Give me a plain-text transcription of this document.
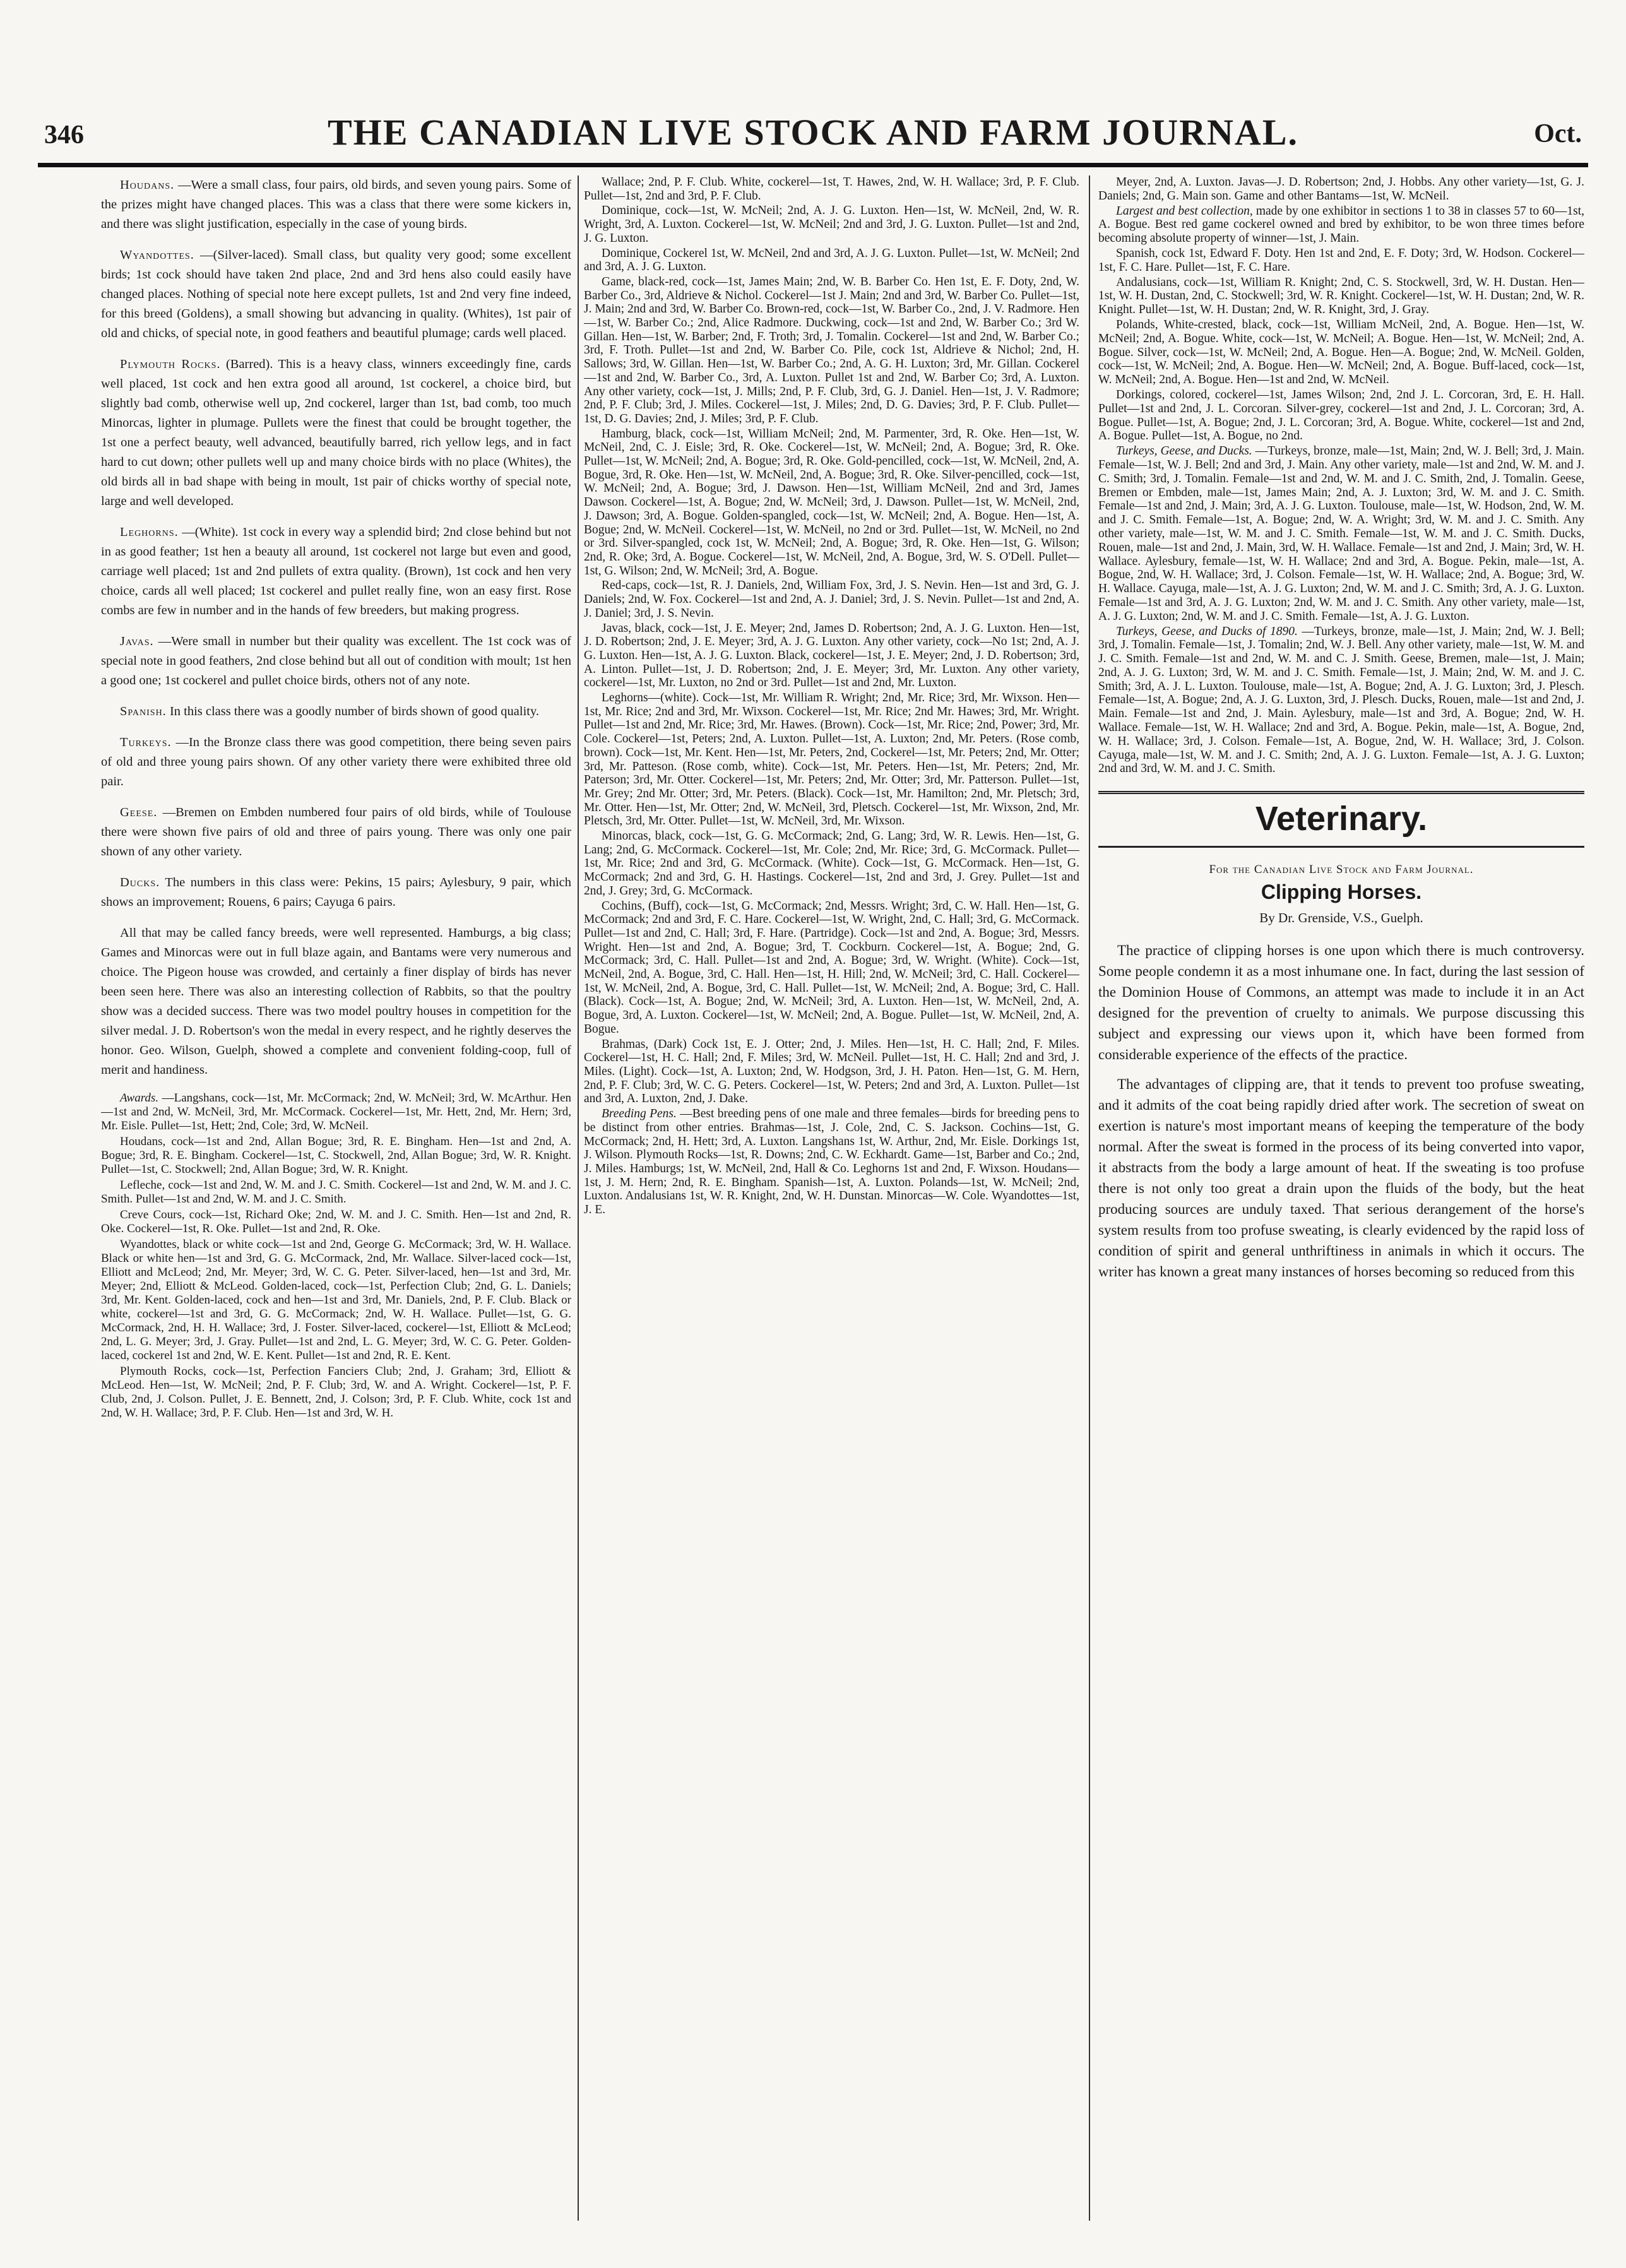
346	THE CANADIAN LIVE STOCK AND FARM JOURNAL.	Oct.

Houdans. —Were a small class, four pairs, old birds, and seven young pairs. Some of the prizes might have changed places. This was a class that there were some kickers in, and there was slight justification, especially in the case of young birds.

Wyandottes. —(Silver-laced). Small class, but quality very good; some excellent birds; 1st cock should have taken 2nd place, 2nd and 3rd hens also could easily have changed places. Nothing of special note here except pullets, 1st and 2nd very fine indeed, for this breed (Goldens), a small showing but advancing in quality. (Whites), 1st pair of old and chicks, of special note, in good feathers and beautiful plumage; cards well placed.

Plymouth Rocks. (Barred). This is a heavy class, winners exceedingly fine, cards well placed, 1st cock and hen extra good all around, 1st cockerel, a choice bird, but slightly bad comb, otherwise well up, 2nd cockerel, larger than 1st, bad comb, too much Minorcas, lighter in plumage. Pullets were the finest that could be brought together, the 1st one a perfect beauty, well advanced, beautifully barred, rich yellow legs, and in fact hard to cut down; other pullets well up and many choice birds with no place (Whites), the old birds all in bad shape with being in moult, 1st pair of chicks worthy of special note, large and well developed.

Leghorns. —(White). 1st cock in every way a splendid bird; 2nd close behind but not in as good feather; 1st hen a beauty all around, 1st cockerel not large but even and good, carriage well placed; 1st and 2nd pullets of extra quality. (Brown), 1st cock and hen very choice, cards all well placed; 1st cockerel and pullet really fine, won an easy first. Rose combs are few in number and in the hands of few breeders, but making progress.

Javas. —Were small in number but their quality was excellent. The 1st cock was of special note in good feathers, 2nd close behind but all out of condition with moult; 1st hen a good one; 1st cockerel and pullet choice birds, others not of any note.

Spanish. In this class there was a goodly number of birds shown of good quality.

Turkeys. —In the Bronze class there was good competition, there being seven pairs of old and three young pairs shown. Of any other variety there were exhibited three old pair.

Geese. —Bremen on Embden numbered four pairs of old birds, while of Toulouse there were shown five pairs of old and three of pairs young. There was only one pair shown of any other variety.

Ducks. The numbers in this class were: Pekins, 15 pairs; Aylesbury, 9 pair, which shows an improvement; Rouens, 6 pairs; Cayuga 6 pairs.

All that may be called fancy breeds, were well represented. Hamburgs, a big class; Games and Minorcas were out in full blaze again, and Bantams were very numerous and choice. The Pigeon house was crowded, and certainly a finer display of birds has never been seen here. There was also an interesting collection of Rabbits, so that the poultry show was a decided success. There was two model poultry houses in competition for the silver medal. J. D. Robertson's won the medal in every respect, and he rightly deserves the honor. Geo. Wilson, Guelph, showed a complete and convenient folding-coop, full of merit and handiness.

Awards. —Langshans, cock—1st, Mr. McCormack; 2nd, W. McNeil; 3rd, W. McArthur. Hen—1st and 2nd, W. McNeil, 3rd, Mr. McCormack. Cockerel—1st, Mr. Hett, 2nd, Mr. Hern; 3rd, Mr. Eisle. Pullet—1st, Hett; 2nd, Cole; 3rd, W. McNeil.

Houdans, cock—1st and 2nd, Allan Bogue; 3rd, R. E. Bingham. Hen—1st and 2nd, A. Bogue; 3rd, R. E. Bingham. Cockerel—1st, C. Stockwell, 2nd, Allan Bogue; 3rd, W. R. Knight. Pullet—1st, C. Stockwell; 2nd, Allan Bogue; 3rd, W. R. Knight.

Lefleche, cock—1st and 2nd, W. M. and J. C. Smith. Cockerel—1st and 2nd, W. M. and J. C. Smith. Pullet—1st and 2nd, W. M. and J. C. Smith.

Creve Cours, cock—1st, Richard Oke; 2nd, W. M. and J. C. Smith. Hen—1st and 2nd, R. Oke. Cockerel—1st, R. Oke. Pullet—1st and 2nd, R. Oke.

Wyandottes, black or white cock—1st and 2nd, George G. McCormack; 3rd, W. H. Wallace. Black or white hen—1st and 3rd, G. G. McCormack, 2nd, Mr. Wallace. Silver-laced cock—1st, Elliott and McLeod; 2nd, Mr. Meyer; 3rd, W. C. G. Peter. Silver-laced, hen—1st and 3rd, Mr. Meyer; 2nd, Elliott & McLeod. Golden-laced, cock—1st, Perfection Club; 2nd, G. L. Daniels; 3rd, Mr. Kent. Golden-laced, cock and hen—1st and 3rd, Mr. Daniels, 2nd, P. F. Club. Black or white, cockerel—1st and 3rd, G. G. McCormack; 2nd, W. H. Wallace. Pullet—1st, G. G. McCormack, 2nd, H. H. Wallace; 3rd, J. Foster. Silver-laced, cockerel—1st, Elliott & McLeod; 2nd, L. G. Meyer; 3rd, J. Gray. Pullet—1st and 2nd, L. G. Meyer; 3rd, W. C. G. Peter. Golden-laced, cockerel 1st and 2nd, W. E. Kent. Pullet—1st and 2nd, R. E. Kent.

Plymouth Rocks, cock—1st, Perfection Fanciers Club; 2nd, J. Graham; 3rd, Elliott & McLeod. Hen—1st, W. McNeil; 2nd, P. F. Club; 3rd, W. and A. Wright. Cockerel—1st, P. F. Club, 2nd, J. Colson. Pullet, J. E. Bennett, 2nd, J. Colson; 3rd, P. F. Club. White, cock 1st and 2nd, W. H. Wallace; 3rd, P. F. Club. Hen—1st and 3rd, W. H.

Wallace; 2nd, P. F. Club. White, cockerel—1st, T. Hawes, 2nd, W. H. Wallace; 3rd, P. F. Club. Pullet—1st, 2nd and 3rd, P. F. Club.

Dominique, cock—1st, W. McNeil; 2nd, A. J. G. Luxton. Hen—1st, W. McNeil, 2nd, W. R. Wright, 3rd, A. Luxton. Cockerel—1st, W. McNeil; 2nd and 3rd, J. G. Luxton. Pullet—1st and 2nd, J. G. Luxton.

Dominique, Cockerel 1st, W. McNeil, 2nd and 3rd, A. J. G. Luxton. Pullet—1st, W. McNeil; 2nd and 3rd, A. J. G. Luxton.

Game, black-red, cock—1st, James Main; 2nd, W. B. Barber Co. Hen 1st, E. F. Doty, 2nd, W. Barber Co., 3rd, Aldrieve & Nichol. Cockerel—1st J. Main; 2nd and 3rd, W. Barber Co. Pullet—1st, J. Main; 2nd and 3rd, W. Barber Co. Brown-red, cock—1st, W. Barber Co., 2nd, J. V. Radmore. Hen—1st, W. Barber Co.; 2nd, Alice Radmore. Duckwing, cock—1st and 2nd, W. Barber Co.; 3rd W. Gillan. Hen—1st, W. Barber; 2nd, F. Troth; 3rd, J. Tomalin. Cockerel—1st and 2nd, W. Barber Co.; 3rd, F. Troth. Pullet—1st and 2nd, W. Barber Co. Pile, cock 1st, Aldrieve & Nichol; 2nd, H. Sallows; 3rd, W. Gillan. Hen—1st, W. Barber Co.; 2nd, A. G. H. Luxton; 3rd, Mr. Gillan. Cockerel—1st and 2nd, W. Barber Co., 3rd, A. Luxton. Pullet 1st and 2nd, W. Barber Co; 3rd, A. Luxton. Any other variety, cock—1st, J. Mills; 2nd, P. F. Club, 3rd, G. J. Daniel. Hen—1st, J. V. Radmore; 2nd, P. F. Club; 3rd, J. Miles. Cockerel—1st, J. Miles; 2nd, D. G. Davies; 3rd, P. F. Club. Pullet—1st, D. G. Davies; 2nd, J. Miles; 3rd, P. F. Club.

Hamburg, black, cock—1st, William McNeil; 2nd, M. Parmenter, 3rd, R. Oke. Hen—1st, W. McNeil, 2nd, C. J. Eisle; 3rd, R. Oke. Cockerel—1st, W. McNeil; 2nd, A. Bogue; 3rd, R. Oke. Pullet—1st, W. McNeil; 2nd, A. Bogue; 3rd, R. Oke. Gold-pencilled, cock—1st, W. McNeil, 2nd, A. Bogue, 3rd, R. Oke. Hen—1st, W. McNeil, 2nd, A. Bogue; 3rd, R. Oke. Silver-pencilled, cock—1st, W. McNeil; 2nd, A. Bogue; 3rd, J. Dawson. Hen—1st, William McNeil, 2nd and 3rd, James Dawson. Cockerel—1st, A. Bogue; 2nd, W. McNeil; 3rd, J. Dawson. Pullet—1st, W. McNeil, 2nd, J. Dawson; 3rd, A. Bogue. Golden-spangled, cock—1st, W. McNeil; 2nd, A. Bogue. Hen—1st, A. Bogue; 2nd, W. McNeil. Cockerel—1st, W. McNeil, no 2nd or 3rd. Pullet—1st, W. McNeil, no 2nd or 3rd. Silver-spangled, cock 1st, W. McNeil; 2nd, A. Bogue; 3rd, R. Oke. Hen—1st, G. Wilson; 2nd, R. Oke; 3rd, A. Bogue. Cockerel—1st, W. McNeil, 2nd, A. Bogue, 3rd, W. S. O'Dell. Pullet—1st, G. Wilson; 2nd, W. McNeil; 3rd, A. Bogue.

Red-caps, cock—1st, R. J. Daniels, 2nd, William Fox, 3rd, J. S. Nevin. Hen—1st and 3rd, G. J. Daniels; 2nd, W. Fox. Cockerel—1st and 2nd, A. J. Daniel; 3rd, J. S. Nevin. Pullet—1st and 2nd, A. J. Daniel; 3rd, J. S. Nevin.

Javas, black, cock—1st, J. E. Meyer; 2nd, James D. Robertson; 2nd, A. J. G. Luxton. Hen—1st, J. D. Robertson; 2nd, J. E. Meyer; 3rd, A. J. G. Luxton. Any other variety, cock—No 1st; 2nd, A. J. G. Luxton. Hen—1st, A. J. G. Luxton. Black, cockerel—1st, J. E. Meyer; 2nd, J. D. Robertson; 3rd, A. Linton. Pullet—1st, J. D. Robertson; 2nd, J. E. Meyer; 3rd, Mr. Luxton. Any other variety, cockerel—1st, Mr. Luxton, no 2nd or 3rd. Pullet—1st and 2nd, Mr. Luxton.

Leghorns—(white). Cock—1st, Mr. William R. Wright; 2nd, Mr. Rice; 3rd, Mr. Wixson. Hen—1st, Mr. Rice; 2nd and 3rd, Mr. Wixson. Cockerel—1st, Mr. Rice; 2nd Mr. Hawes; 3rd, Mr. Wright. Pullet—1st and 2nd, Mr. Rice; 3rd, Mr. Hawes. (Brown). Cock—1st, Mr. Rice; 2nd, Power; 3rd, Mr. Cole. Cockerel—1st, Peters; 2nd, A. Luxton. Pullet—1st, A. Luxton; 2nd, Mr. Peters. (Rose comb, brown). Cock—1st, Mr. Kent. Hen—1st, Mr. Peters, 2nd, Cockerel—1st, Mr. Peters; 2nd, Mr. Otter; 3rd, Mr. Patteson. (Rose comb, white). Cock—1st, Mr. Peters. Hen—1st, Mr. Peters; 2nd, Mr. Paterson; 3rd, Mr. Otter. Cockerel—1st, Mr. Peters; 2nd, Mr. Otter; 3rd, Mr. Patterson. Pullet—1st, Mr. Grey; 2nd Mr. Otter; 3rd, Mr. Peters. (Black). Cock—1st, Mr. Hamilton; 2nd, Mr. Pletsch; 3rd, Mr. Otter. Hen—1st, Mr. Otter; 2nd, W. McNeil, 3rd, Pletsch. Cockerel—1st, Mr. Wixson, 2nd, Mr. Pletsch, 3rd, Mr. Otter. Pullet—1st, W. McNeil, 3rd, Mr. Wixson.

Minorcas, black, cock—1st, G. G. McCormack; 2nd, G. Lang; 3rd, W. R. Lewis. Hen—1st, G. Lang; 2nd, G. McCormack. Cockerel—1st, Mr. Cole; 2nd, Mr. Rice; 3rd, G. McCormack. Pullet—1st, Mr. Rice; 2nd and 3rd, G. McCormack. (White). Cock—1st, G. McCormack. Hen—1st, G. McCormack; 2nd and 3rd, G. H. Hastings. Cockerel—1st, 2nd and 3rd, J. Grey. Pullet—1st and 2nd, J. Grey; 3rd, G. McCormack.

Cochins, (Buff), cock—1st, G. McCormack; 2nd, Messrs. Wright; 3rd, C. W. Hall. Hen—1st, G. McCormack; 2nd and 3rd, F. C. Hare. Cockerel—1st, W. Wright, 2nd, C. Hall; 3rd, G. McCormack. Pullet—1st and 2nd, C. Hall; 3rd, F. Hare. (Partridge). Cock—1st and 2nd, A. Bogue; 3rd, Messrs. Wright. Hen—1st and 2nd, A. Bogue; 3rd, T. Cockburn. Cockerel—1st, A. Bogue; 2nd, G. McCormack; 3rd, C. Hall. Pullet—1st and 2nd, A. Bogue; 3rd, W. Wright. (White). Cock—1st, McNeil, 2nd, A. Bogue, 3rd, C. Hall. Hen—1st, H. Hill; 2nd, W. McNeil; 3rd, C. Hall. Cockerel—1st, W. McNeil, 2nd, A. Bogue, 3rd, C. Hall. Pullet—1st, W. McNeil; 2nd, A. Bogue; 3rd, C. Hall. (Black). Cock—1st, A. Bogue; 2nd, W. McNeil; 3rd, A. Luxton. Hen—1st, W. McNeil, 2nd, A. Bogue, 3rd, A. Luxton. Cockerel—1st, W. McNeil; 2nd, A. Bogue. Pullet—1st, W. McNeil, 2nd, A. Bogue.

Brahmas, (Dark) Cock 1st, E. J. Otter; 2nd, J. Miles. Hen—1st, H. C. Hall; 2nd, F. Miles. Cockerel—1st, H. C. Hall; 2nd, F. Miles; 3rd, W. McNeil. Pullet—1st, H. C. Hall; 2nd and 3rd, J. Miles. (Light). Cock—1st, A. Luxton; 2nd, W. Hodgson, 3rd, J. H. Paton. Hen—1st, G. M. Hern, 2nd, P. F. Club; 3rd, W. C. G. Peters. Cockerel—1st, W. Peters; 2nd and 3rd, A. Luxton. Pullet—1st and 3rd, A. Luxton, 2nd, J. Dake.

Breeding Pens. —Best breeding pens of one male and three females—birds for breeding pens to be distinct from other entries. Brahmas—1st, J. Cole, 2nd, C. S. Jackson. Cochins—1st, G. McCormack; 2nd, H. Hett; 3rd, A. Luxton. Langshans 1st, W. Arthur, 2nd, Mr. Eisle. Dorkings 1st, J. Wilson. Plymouth Rocks—1st, R. Downs; 2nd, C. W. Eckhardt. Game—1st, Barber and Co.; 2nd, J. Miles. Hamburgs; 1st, W. McNeil, 2nd, Hall & Co. Leghorns 1st and 2nd, F. Wixson. Houdans—1st, J. M. Hern; 2nd, R. E. Bingham. Spanish—1st, A. Luxton. Polands—1st, W. McNeil; 2nd, Luxton. Andalusians 1st, W. R. Knight, 2nd, W. H. Dunstan. Minorcas—W. Cole. Wyandottes—1st, J. E.

Meyer, 2nd, A. Luxton. Javas—J. D. Robertson; 2nd, J. Hobbs. Any other variety—1st, G. J. Daniels; 2nd, G. Main son. Game and other Bantams—1st, W. McNeil.

Largest and best collection, made by one exhibitor in sections 1 to 38 in classes 57 to 60—1st, A. Bogue. Best red game cockerel owned and bred by exhibitor, to be won three times before becoming absolute property of winner—1st, J. Main.

Spanish, cock 1st, Edward F. Doty. Hen 1st and 2nd, E. F. Doty; 3rd, W. Hodson. Cockerel—1st, F. C. Hare. Pullet—1st, F. C. Hare.

Andalusians, cock—1st, William R. Knight; 2nd, C. S. Stockwell, 3rd, W. H. Dustan. Hen—1st, W. H. Dustan, 2nd, C. Stockwell; 3rd, W. R. Knight. Cockerel—1st, W. H. Dustan; 2nd, W. R. Knight. Pullet—1st, W. H. Dustan; 2nd, W. R. Knight, 3rd, J. Gray.

Polands, White-crested, black, cock—1st, William McNeil, 2nd, A. Bogue. Hen—1st, W. McNeil; 2nd, A. Bogue. White, cock—1st, W. McNeil; A. Bogue. Hen—1st, W. McNeil; 2nd, A. Bogue. Silver, cock—1st, W. McNeil; 2nd, A. Bogue. Hen—A. Bogue; 2nd, W. McNeil. Golden, cock—1st, W. McNeil; 2nd, A. Bogue. Hen—W. McNeil; 2nd, A. Bogue. Buff-laced, cock—1st, W. McNeil; 2nd, A. Bogue. Hen—1st and 2nd, W. McNeil.

Dorkings, colored, cockerel—1st, James Wilson; 2nd, 2nd J. L. Corcoran, 3rd, E. H. Hall. Pullet—1st and 2nd, J. L. Corcoran. Silver-grey, cockerel—1st and 2nd, J. L. Corcoran; 3rd, A. Bogue. Pullet—1st, A. Bogue; 2nd, J. L. Corcoran; 3rd, A. Bogue. White, cockerel—1st and 2nd, A. Bogue. Pullet—1st, A. Bogue, no 2nd.

Turkeys, Geese, and Ducks. —Turkeys, bronze, male—1st, Main; 2nd, W. J. Bell; 3rd, J. Main. Female—1st, W. J. Bell; 2nd and 3rd, J. Main. Any other variety, male—1st and 2nd, W. M. and J. C. Smith; 3rd, J. Tomalin. Female—1st and 2nd, W. M. and J. C. Smith, 2nd, J. Tomalin. Geese, Bremen or Embden, male—1st, James Main; 2nd, A. J. Luxton; 3rd, W. M. and J. C. Smith. Female—1st and 2nd, J. Main; 3rd, A. J. G. Luxton. Toulouse, male—1st, W. Hodson, 2nd, W. M. and J. C. Smith. Female—1st, A. Bogue; 2nd, W. A. Wright; 3rd, W. M. and J. C. Smith. Any other variety, male—1st, W. M. and J. C. Smith. Female—1st, W. M. and J. C. Smith. Ducks, Rouen, male—1st and 2nd, J. Main, 3rd, W. H. Wallace. Female—1st and 2nd, J. Main; 3rd, W. H. Wallace. Aylesbury, female—1st, W. H. Wallace; 2nd and 3rd, A. Bogue. Pekin, male—1st, A. Bogue, 2nd, W. H. Wallace; 3rd, J. Colson. Female—1st, W. H. Wallace; 2nd, A. Bogue; 3rd, W. H. Wallace. Cayuga, male—1st, A. J. G. Luxton; 2nd, W. M. and J. C. Smith; 3rd, A. J. G. Luxton. Female—1st and 3rd, A. J. G. Luxton; 2nd, W. M. and J. C. Smith. Any other variety, male—1st, A. J. G. Luxton; 2nd, W. M. and J. C. Smith. Female—1st, A. J. G. Luxton.

Turkeys, Geese, and Ducks of 1890. —Turkeys, bronze, male—1st, J. Main; 2nd, W. J. Bell; 3rd, J. Tomalin. Female—1st, J. Tomalin; 2nd, W. J. Bell. Any other variety, male—1st, W. M. and J. C. Smith. Female—1st and 2nd, W. M. and C. J. Smith. Geese, Bremen, male—1st, J. Main; 2nd, A. J. G. Luxton; 3rd, W. M. and J. C. Smith. Female—1st, J. Main; 2nd, W. M. and J. C. Smith; 3rd, A. J. L. Luxton. Toulouse, male—1st, A. Bogue; 2nd, A. J. G. Luxton; 3rd, J. Plesch. Female—1st, A. Bogue; 2nd, A. J. G. Luxton, 3rd, J. Plesch. Ducks, Rouen, male—1st and 2nd, J. Main. Female—1st and 2nd, J. Main. Aylesbury, male—1st and 3rd, A. Bogue; 2nd, W. H. Wallace. Female—1st, W. H. Wallace; 2nd and 3rd, A. Bogue. Pekin, male—1st, A. Bogue, 2nd, W. H. Wallace; 3rd, J. Colson. Female—1st, A. Bogue, 2nd, W. H. Wallace; 3rd, J. Colson. Cayuga, male—1st, W. M. and J. C. Smith; 2nd, A. J. G. Luxton. Female—1st, A. J. G. Luxton; 2nd and 3rd, W. M. and J. C. Smith.

Veterinary.
For the Canadian Live Stock and Farm Journal.
Clipping Horses.
By Dr. Grenside, V.S., Guelph.

The practice of clipping horses is one upon which there is much controversy. Some people condemn it as a most inhumane one. In fact, during the last session of the Dominion House of Commons, an attempt was made to include it in an Act designed for the prevention of cruelty to animals. We purpose discussing this subject and expressing our views upon it, which have been formed from considerable experience of the effects of the practice.

The advantages of clipping are, that it tends to prevent too profuse sweating, and it admits of the coat being rapidly dried after work. The secretion of sweat on exertion is nature's most important means of keeping the temperature of the body normal. After the sweat is formed in the process of its being converted into vapor, it abstracts from the body a large amount of heat. If the sweating is too profuse there is not only too great a drain upon the fluids of the body, but the heat producing sources are unduly taxed. That serious derangement of the horse's system results from too profuse sweating, is clearly evidenced by the rapid loss of condition of spirit and general unthriftiness in animals in which it occurs. The writer has known a great many instances of horses becoming so reduced from this
